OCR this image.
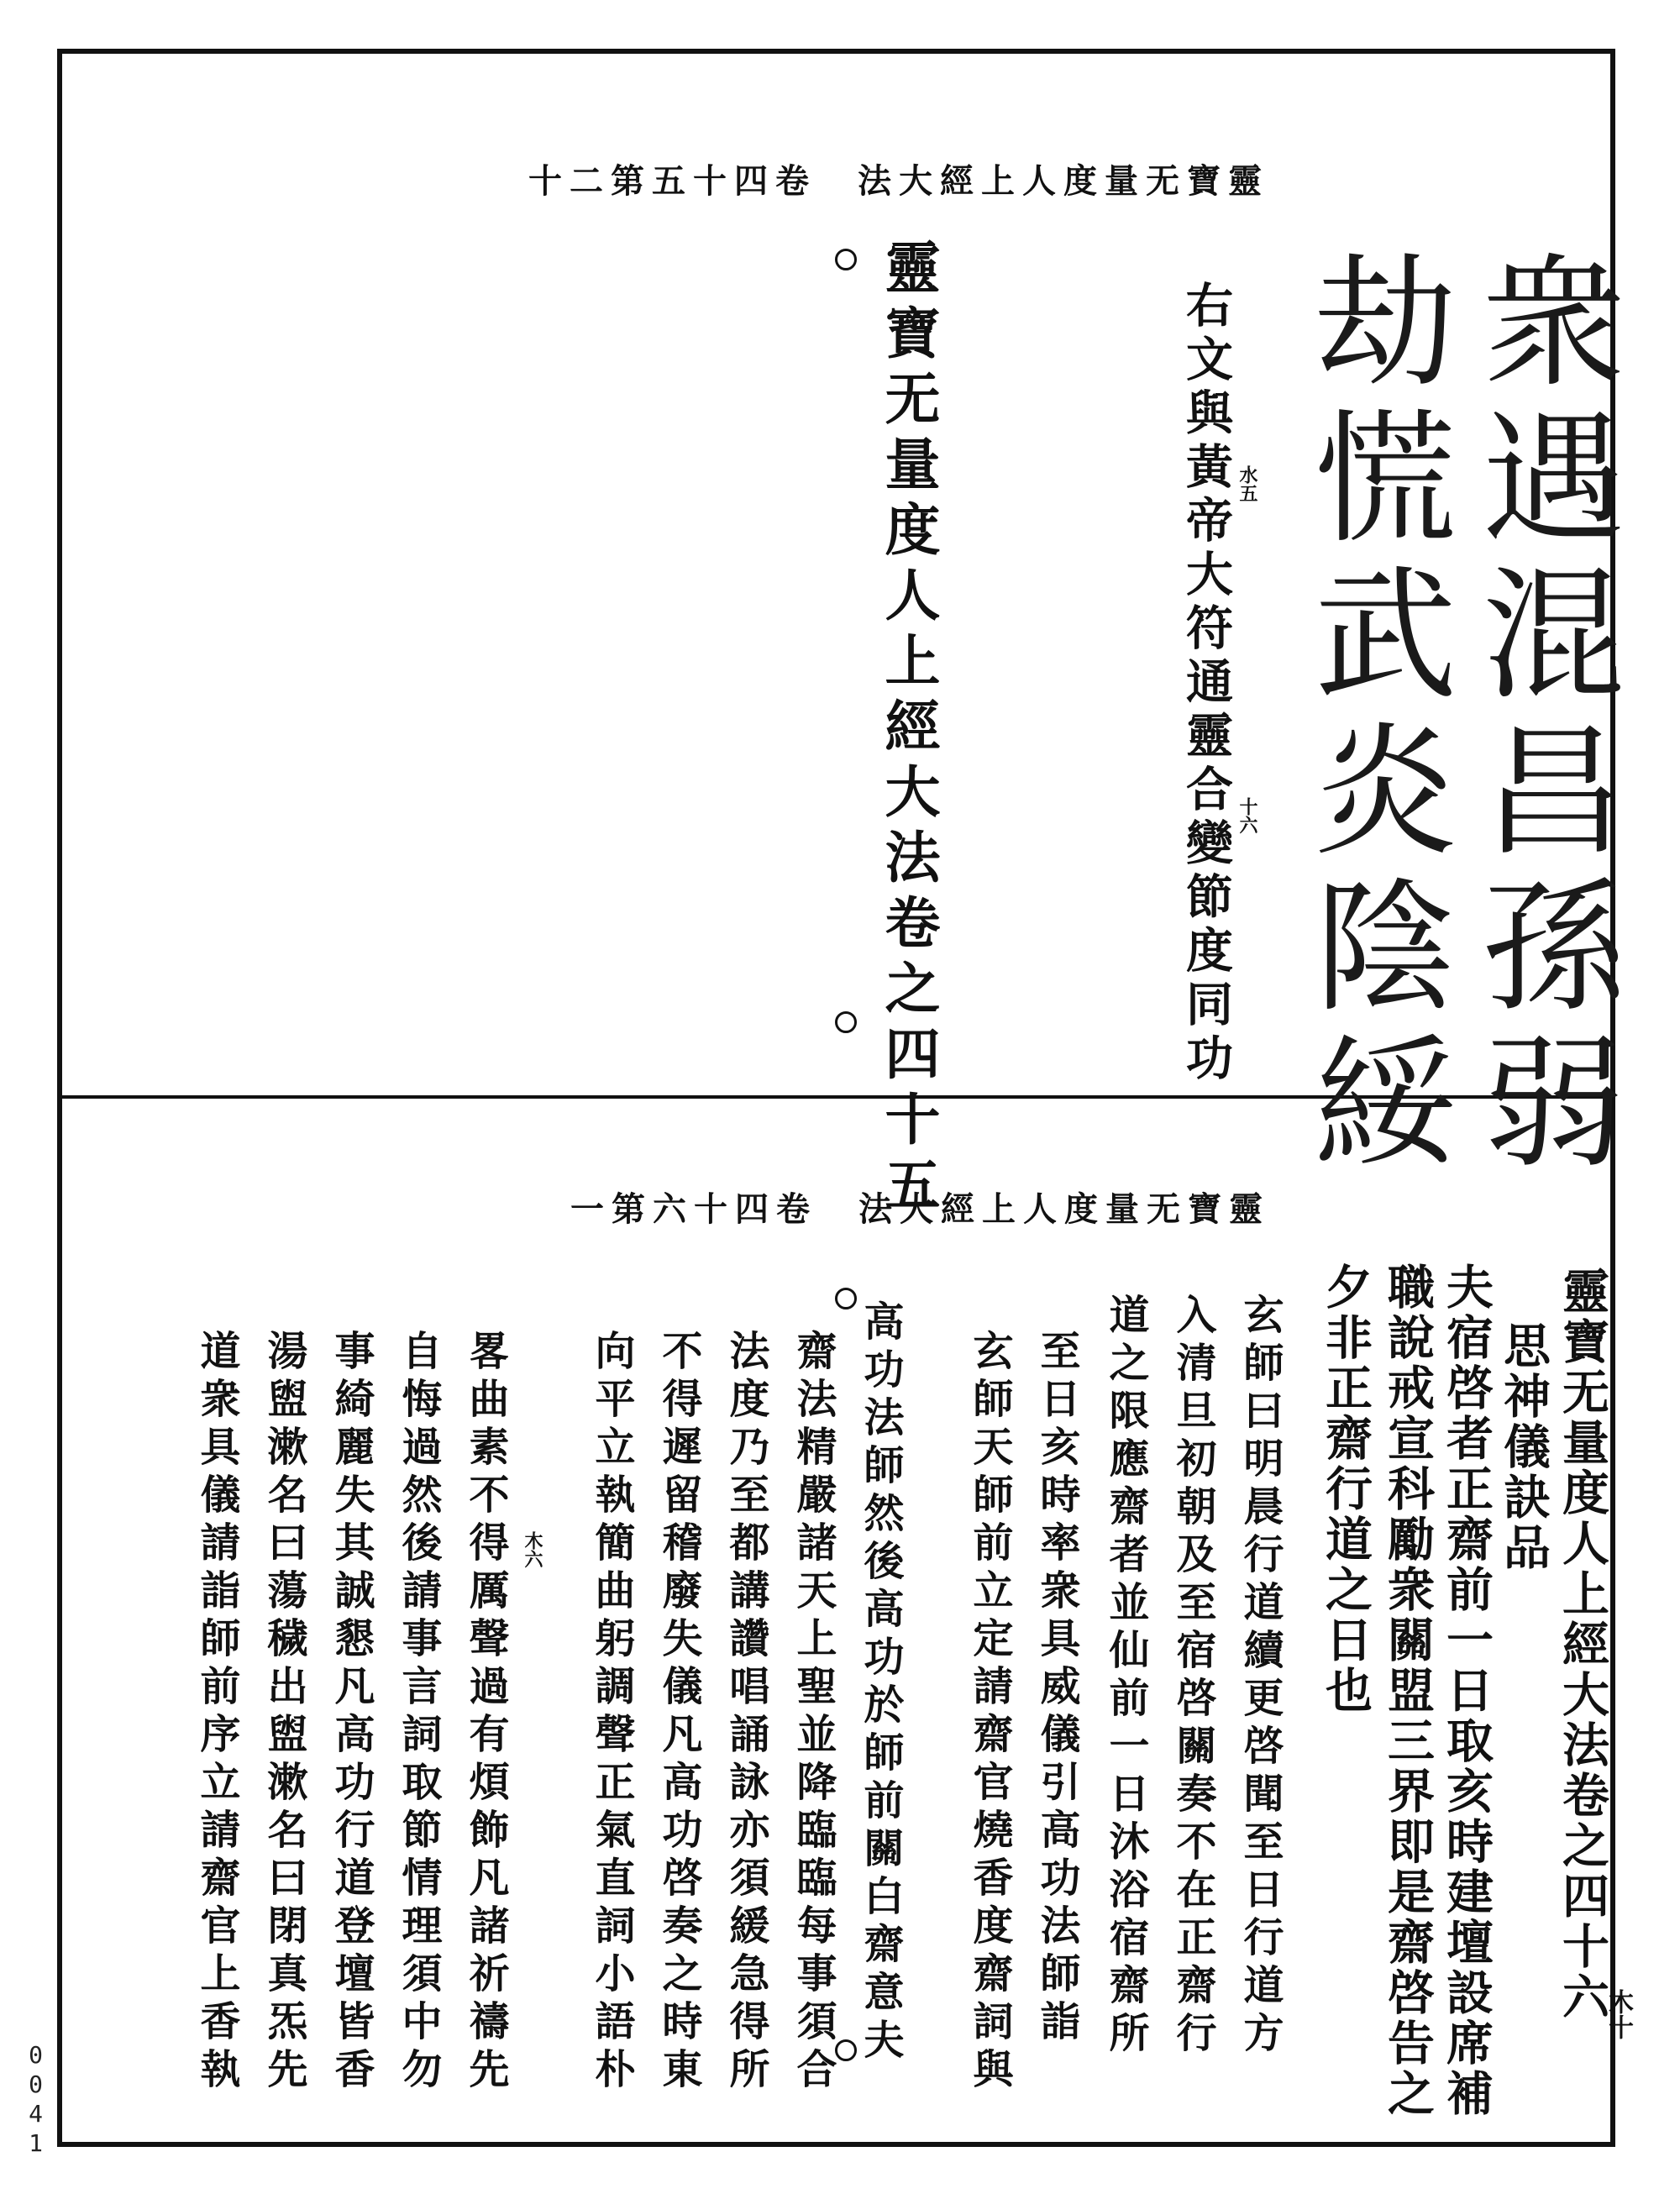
十二第五十四卷　法大經上人度量无寶靈
衆遇混昌孫弱
劫慌武炎陰綏
右文與黃帝大符通靈合變節度同功 水五
十六
靈寶无量度人上經大法卷之四十五
一第六十四卷　法大經上人度量无寶靈
靈寶无量度人上經大法卷之四十六
木十
思神儀訣品
夫宿啓者正齋前一日取亥時建壇設席補
職說戒宣科勵衆關盟三界即是齋啓告之
夕非正齋行道之日也
玄師曰明晨行道續更啓聞至日行道方
入清旦初朝及至宿啓關奏不在正齋行
道之限應齋者並仙前一日沐浴宿齋所
至日亥時率衆具威儀引高功法師詣
玄師天師前立定請齋官燒香度齋詞與
高功法師然後高功於師前關白齋意夫
齋法精嚴諸天上聖並降臨臨每事須合
法度乃至都講讚唱誦詠亦須緩急得所
不得遲留稽廢失儀凡高功啓奏之時東
向平立執簡曲躬調聲正氣直詞小語朴
木六
畧曲素不得厲聲過有煩飾凡諸祈禱先
自悔過然後請事言詞取節情理須中勿
事綺麗失其誠懇凡高功行道登壇皆香
湯盥漱名曰蕩穢出盥漱名曰閉真炁先
道衆具儀請詣師前序立請齋官上香執
0041
